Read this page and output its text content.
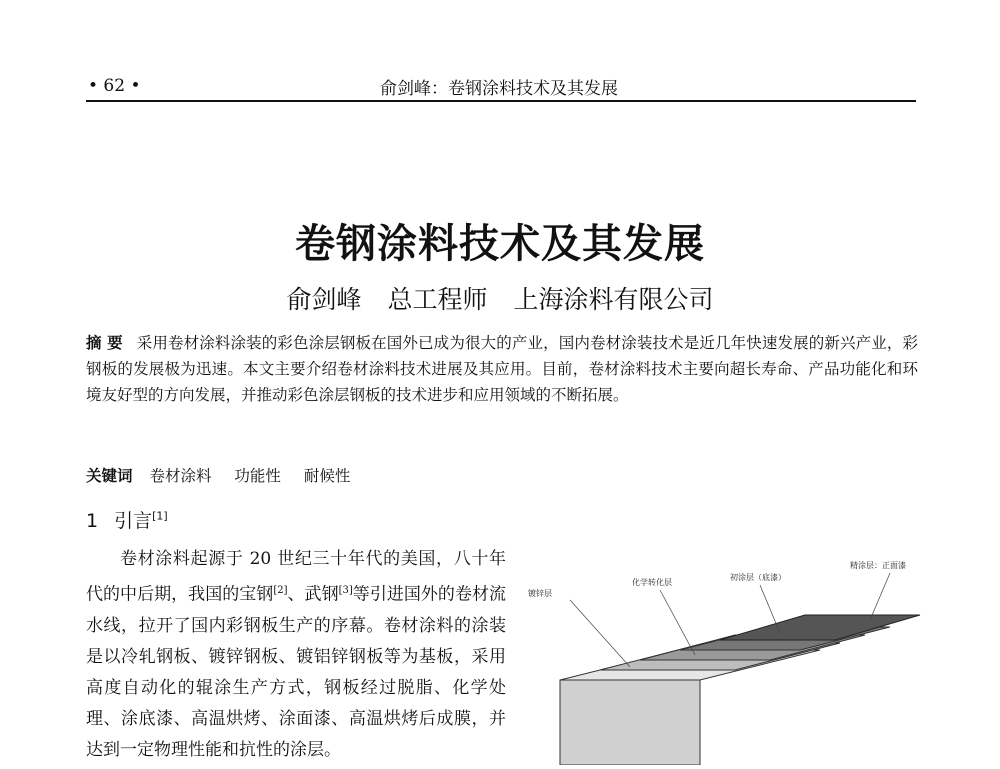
• 62 •	俞剑峰：卷钢涂料技术及其发展
卷钢涂料技术及其发展
俞剑峰 总工程师 上海涂料有限公司
摘 要 采用卷材涂料涂装的彩色涂层钢板在国外已成为很大的产业，国内卷材涂装技术是近几年快速发展的新兴产业，彩钢板的发展极为迅速。本文主要介绍卷材涂料技术进展及其应用。目前，卷材涂料技术主要向超长寿命、产品功能化和环境友好型的方向发展，并推动彩色涂层钢板的技术进步和应用领域的不断拓展。
关键词 卷材涂料 功能性 耐候性
1 引言[1]
卷材涂料起源于 20 世纪三十年代的美国，八十年代的中后期，我国的宝钢[2]、武钢[3]等引进国外的卷材流水线，拉开了国内彩钢板生产的序幕。卷材涂料的涂装是以冷轧钢板、镀锌钢板、镀铝锌钢板等为基板，采用高度自动化的辊涂生产方式，钢板经过脱脂、化学处理、涂底漆、高温烘烤、涂面漆、高温烘烤后成膜，并达到一定物理性能和抗性的涂层。
镀锌层
化学转化层
初涂层（底漆）
精涂层：正面漆
